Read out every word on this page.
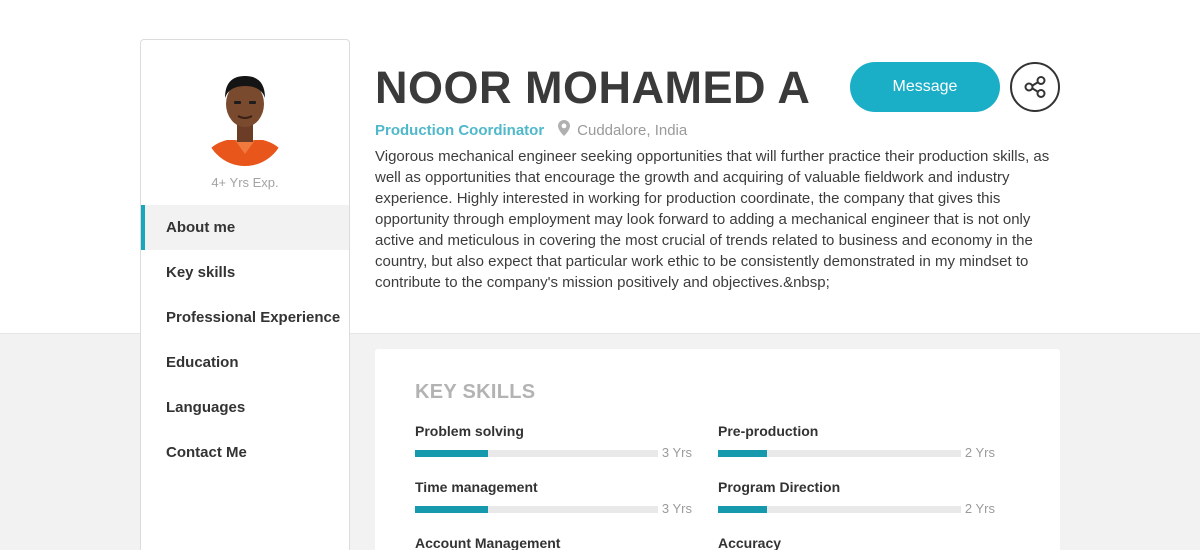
4+ Yrs Exp.
About me
Key skills
Professional Experience
Education
Languages
Contact Me
NOOR MOHAMED A
Production Coordinator Cuddalore, India

Vigorous mechanical engineer seeking opportunities that will further practice their production skills, as well as opportunities that encourage the growth and acquiring of valuable fieldwork and industry experience. Highly interested in working for production coordinate, the company that gives this opportunity through employment may look forward to adding a mechanical engineer that is not only active and meticulous in covering the most crucial of trends related to business and economy in the country, but also expect that particular work ethic to be consistently demonstrated in my mindset to contribute to the company's mission positively and objectives.&nbsp;

Message
KEY SKILLS
Problem solving
3 Yrs
Pre-production
2 Yrs
Time management
3 Yrs
Program Direction
2 Yrs
Account Management	Accuracy
